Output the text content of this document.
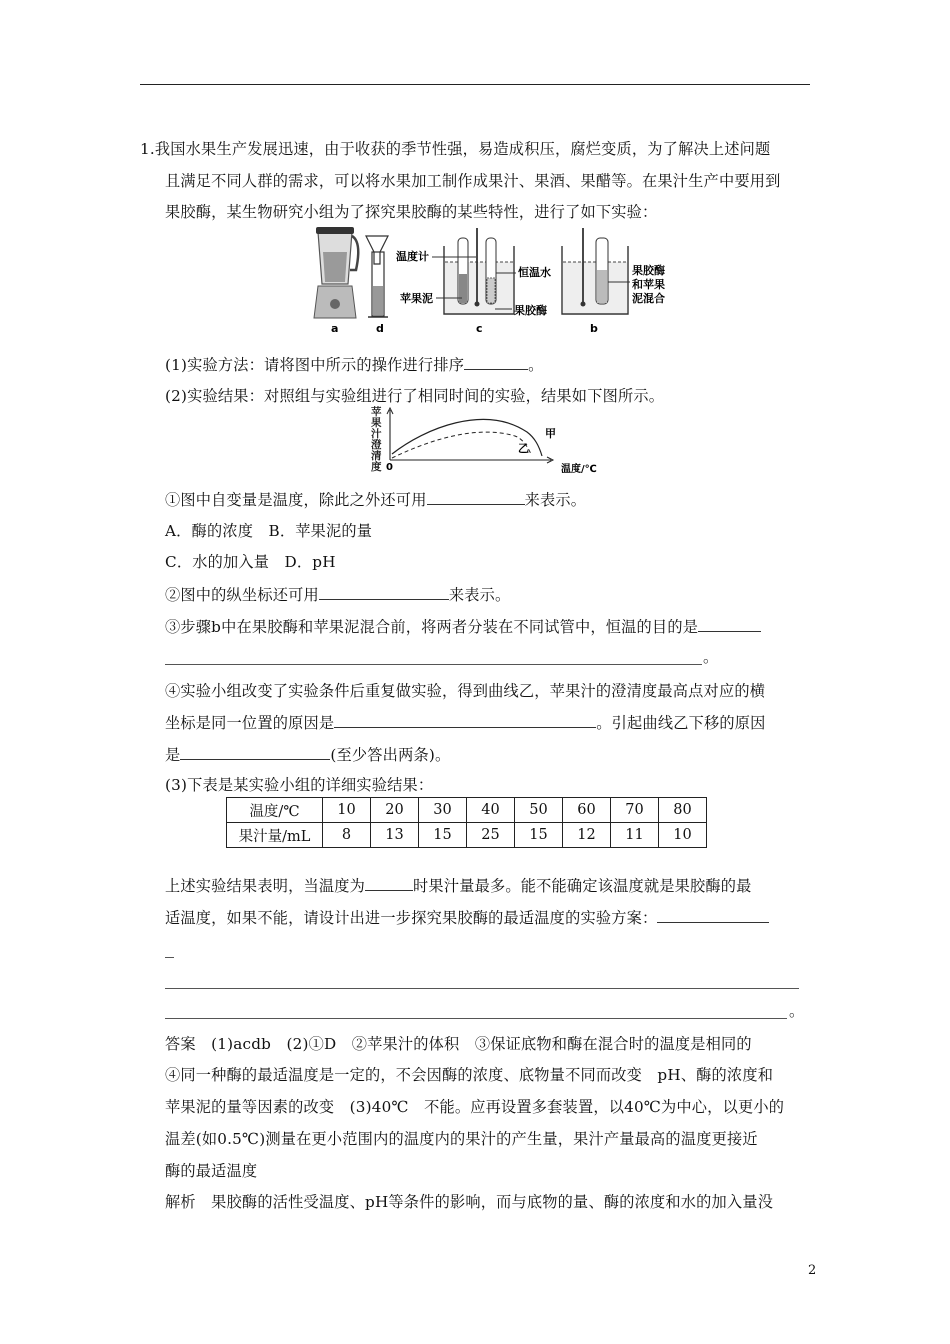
1.我国水果生产发展迅速，由于收获的季节性强，易造成积压，腐烂变质，为了解决上述问题
且满足不同人群的需求，可以将水果加工制作成果汁、果酒、果醋等。在果汁生产中要用到
果胶酶，某生物研究小组为了探究果胶酶的某些特性，进行了如下实验：
a	d
温度计
恒温水
苹果泥
果胶酶
c
果胶酶
和苹果
泥混合
b
(1)实验方法：请将图中所示的操作进行排序	。
(2)实验结果：对照组与实验组进行了相同时间的实验，结果如下图所示。
苹
果
汁
澄
清
度 0
甲
乙
温度/℃
①图中自变量是温度，除此之外还可用	来表示。
A．酶的浓度　B．苹果泥的量
C．水的加入量　D．pH
②图中的纵坐标还可用	来表示。
③步骤b中在果胶酶和苹果泥混合前，将两者分装在不同试管中，恒温的目的是
。
④实验小组改变了实验条件后重复做实验，得到曲线乙，苹果汁的澄清度最高点对应的横
坐标是同一位置的原因是	。引起曲线乙下移的原因
是	(至少答出两条)。
(3)下表是某实验小组的详细实验结果：
温度/℃	10	20	30	40	50	60	70	80
果汁量/mL	8	13	15	25	15	12	11	10
上述实验结果表明，当温度为	时果汁量最多。能不能确定该温度就是果胶酶的最
适温度，如果不能，请设计出进一步探究果胶酶的最适温度的实验方案：
。
答案　(1)acdb　(2)①D　②苹果汁的体积　③保证底物和酶在混合时的温度是相同的
④同一种酶的最适温度是一定的，不会因酶的浓度、底物量不同而改变　pH、酶的浓度和
苹果泥的量等因素的改变　(3)40℃　不能。应再设置多套装置，以40℃为中心，以更小的
温差(如0.5℃)测量在更小范围内的温度内的果汁的产生量，果汁产量最高的温度更接近
酶的最适温度
解析　果胶酶的活性受温度、pH等条件的影响，而与底物的量、酶的浓度和水的加入量没
2
